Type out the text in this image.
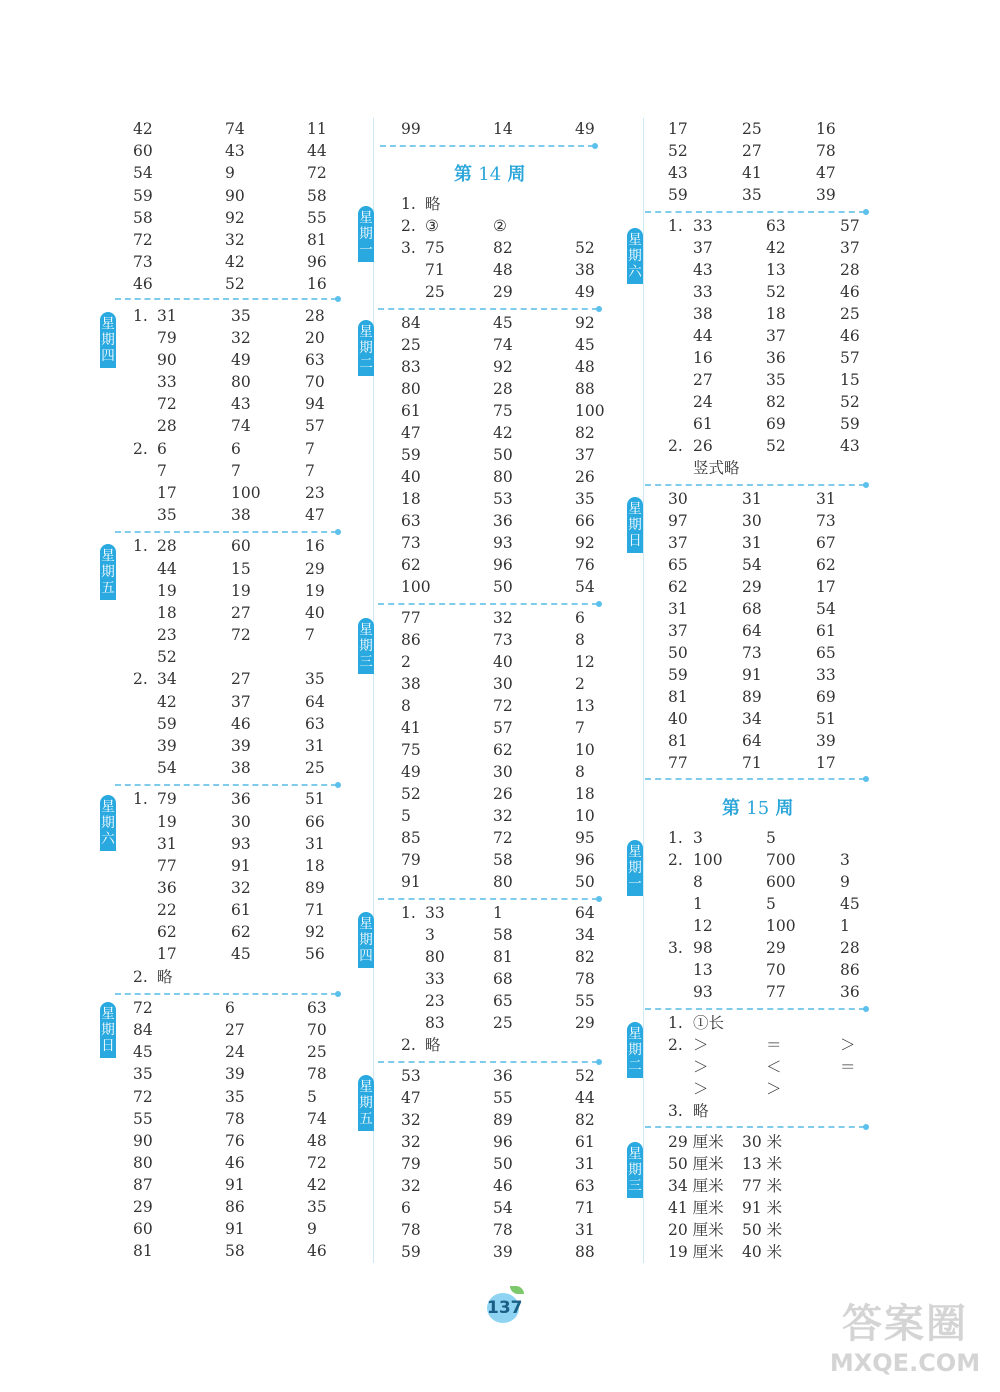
42	74	11
60	43	44
54	9	72
59	90	58
58	92	55
72	32	81
73	42	96
46	52	16
1. 31	35	28
79	32	20
90	49	63
33	80	70
72	43	94
28	74	57
2. 6	6	7
7	7	7
17	100	23
35	38	47
1. 28	60	16
44	15	29
19	19	19
18	27	40
23	72	7
52
2. 34	27	35
42	37	64
59	46	63
39	39	31
54	38	25
1. 79	36	51
19	30	66
31	93	31
77	91	18
36	32	89
22	61	71
62	62	92
17	45	56
2. 略
72	6	63
84	27	70
45	24	25
35	39	78
72	35	5
55	78	74
90	76	48
80	46	72
87	91	42
29	86	35
60	91	9
81	58	46
99	14	49
1. 略
2. ③	②
3. 75	82	52
71	48	38
25	29	49
84	45	92
25	74	45
83	92	48
80	28	88
61	75	100
47	42	82
59	50	37
40	80	26
18	53	35
63	36	66
73	93	92
62	96	76
100	50	54
77	32	6
86	73	8
2	40	12
38	30	2
8	72	13
41	57	7
75	62	10
49	30	8
52	26	18
5	32	10
85	72	95
79	58	96
91	80	50
1. 33	1	64
3	58	34
80	81	82
33	68	78
23	65	55
83	25	29
2. 略
53	36	52
47	55	44
32	89	82
32	96	61
79	50	31
32	46	63
6	54	71
78	78	31
59	39	88
17	25	16
52	27	78
43	41	47
59	35	39
1. 33	63	57
37	42	37
43	13	28
33	52	46
38	18	25
44	37	46
16	36	57
27	35	15
24	82	52
61	69	59
2. 26	52	43
竖式略
30	31	31
97	30	73
37	31	67
65	54	62
62	29	17
31	68	54
37	64	61
50	73	65
59	91	33
81	89	69
40	34	51
81	64	39
77	71	17
1. 3	5
2. 100	700	3
8	600	9
1	5	45
12	100	1
3. 98	29	28
13	70	86
93	77	36
1. ①长
2. ＞	＝	＞
＞	＜	＝
＞	＞
3. 略
29 厘米 30 米
50 厘米 13 米
34 厘米 77 米
41 厘米 91 米
20 厘米 50 米
19 厘米 40 米
第 14 周
第 15 周
星期四
星期五
星期六
星期日
星期一
星期二
星期三
星期四
星期五
星期六
星期日
星期一
星期二
星期三
137	答案圈
MXQE.COM
